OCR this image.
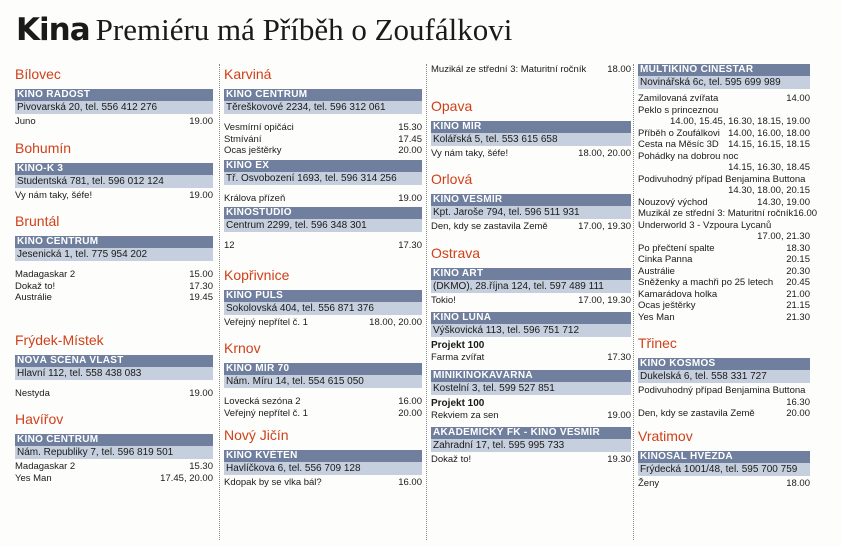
Kina Premiéru má Příběh o Zoufálkovi
Bílovec
KINO RADOST
Pivovarská 20, tel. 556 412 276
Juno	19.00
Bohumín
KINO-K 3
Studentská 781, tel. 596 012 124
Vy nám taky, šéfe!	19.00
Bruntál
KINO CENTRUM
Jesenická 1, tel. 775 954 202
Madagaskar 2	15.00
Dokaž to!	17.30
Austrálie	19.45
Frýdek-Místek
NOVÁ SCÉNA VLAST
Hlavní 112, tel. 558 438 083
Nestyda	19.00
Havířov
KINO CENTRUM
Nám. Republiky 7, tel. 596 819 501
Madagaskar 2	15.30
Yes Man	17.45, 20.00
Karviná
KINO CENTRUM
Těreškovové 2234, tel. 596 312 061
Vesmírní opičáci	15.30
Stmívání	17.45
Ocas ještěrky	20.00
KINO EX
Tř. Osvobození 1693, tel. 596 314 256
Králova přízeň	19.00
KINOSTUDIO
Centrum 2299, tel. 596 348 301
12	17.30
Kopřivnice
KINO PULS
Sokolovská 404, tel. 556 871 376
Veřejný nepřítel č. 1	18.00, 20.00
Krnov
KINO MÍR 70
Nám. Míru 14, tel. 554 615 050
Lovecká sezóna 2	16.00
Veřejný nepřítel č. 1	20.00
Nový Jičín
KINO KVĚTEN
Havlíčkova 6, tel. 556 709 128
Kdopak by se vlka bál?	16.00
Muzikál ze střední 3: Maturitní ročník 18.00
Opava
KINO MÍR
Kolářská 5, tel. 553 615 658
Vy nám taky, šéfe!	18.00, 20.00
Orlová
KINO VESMÍR
Kpt. Jaroše 794, tel. 596 511 931
Den, kdy se zastavila Země	17.00, 19.30
Ostrava
KINO ART
(DKMO), 28.října 124, tel. 597 489 111
Tokio!	17.00, 19.30
KINO LUNA
Výškovická 113, tel. 596 751 712
Projekt 100
Farma zvířat	17.30
MINIKINOKAVÁRNA
Kostelní 3, tel. 599 527 851
Projekt 100
Rekviem za sen	19.00
AKADEMICKÝ FK - KINO VESMÍR
Zahradní 17, tel. 595 995 733
Dokaž to!	19.30
MULTIKINO CINESTAR
Novinářská 6c, tel. 595 699 989
Zamilovaná zvířata	14.00
Peklo s princeznou
14.00, 15.45, 16.30, 18.15, 19.00
Příběh o Zoufálkovi 14.00, 16.00, 18.00
Cesta na Měsíc 3D 14.15, 16.15, 18.15
Pohádky na dobrou noc
14.15, 16.30, 18.45
Podivuhodný případ Benjamina Buttona
14.30, 18.00, 20.15
Nouzový východ	14.30, 19.00
Muzikál ze střední 3: Maturitní ročník 16.00
Underworld 3 - Vzpoura Lycanů
17.00, 21.30
Po přečtení spalte	18.30
Cinka Panna	20.15
Austrálie	20.30
Sněženky a machři po 25 letech 20.45
Kamarádova holka	21.00
Ocas ještěrky	21.15
Yes Man	21.30
Třinec
KINO KOSMOS
Dukelská 6, tel. 558 331 727
Podivuhodný případ Benjamina Buttona
16.30
Den, kdy se zastavila Země	20.00
Vratimov
KINOSÁL HVĚZDA
Frýdecká 1001/48, tel. 595 700 759
Ženy	18.00
